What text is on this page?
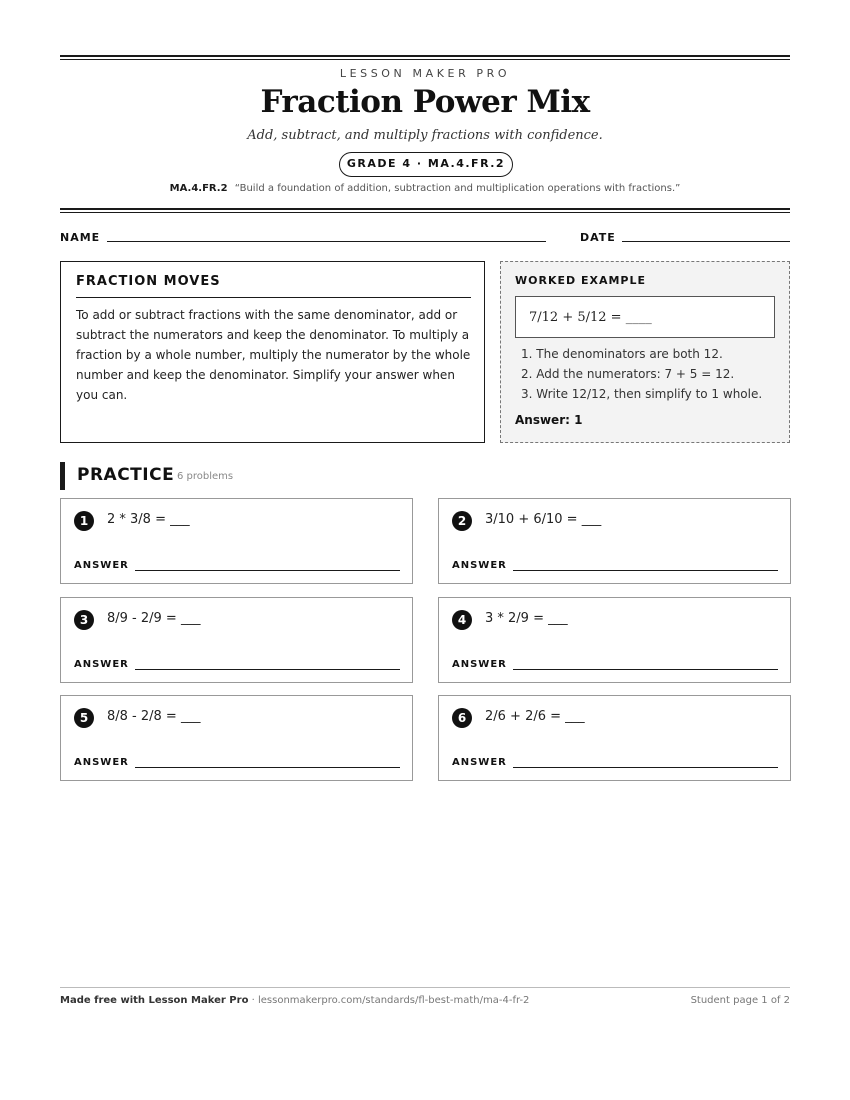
LESSON MAKER PRO
Fraction Power Mix
Add, subtract, and multiply fractions with confidence.
GRADE 4 · MA.4.FR.2
MA.4.FR.2 “Build a foundation of addition, subtraction and multiplication operations with fractions.”
NAME	DATE
FRACTION MOVES
To add or subtract fractions with the same denominator, add or subtract the numerators and keep the denominator. To multiply a fraction by a whole number, multiply the numerator by the whole number and keep the denominator. Simplify your answer when you can.
WORKED EXAMPLE
7/12 + 5/12 = ____
1. The denominators are both 12.
2. Add the numerators: 7 + 5 = 12.
3. Write 12/12, then simplify to 1 whole.
Answer: 1
PRACTICE 6 problems
1	2 * 3/8 = ___
ANSWER
2	3/10 + 6/10 = ___
ANSWER
3	8/9 - 2/9 = ___
ANSWER
4	3 * 2/9 = ___
ANSWER
5	8/8 - 2/8 = ___
ANSWER
6	2/6 + 2/6 = ___
ANSWER
Made free with Lesson Maker Pro · lessonmakerpro.com/standards/fl-best-math/ma-4-fr-2	Student page 1 of 2
